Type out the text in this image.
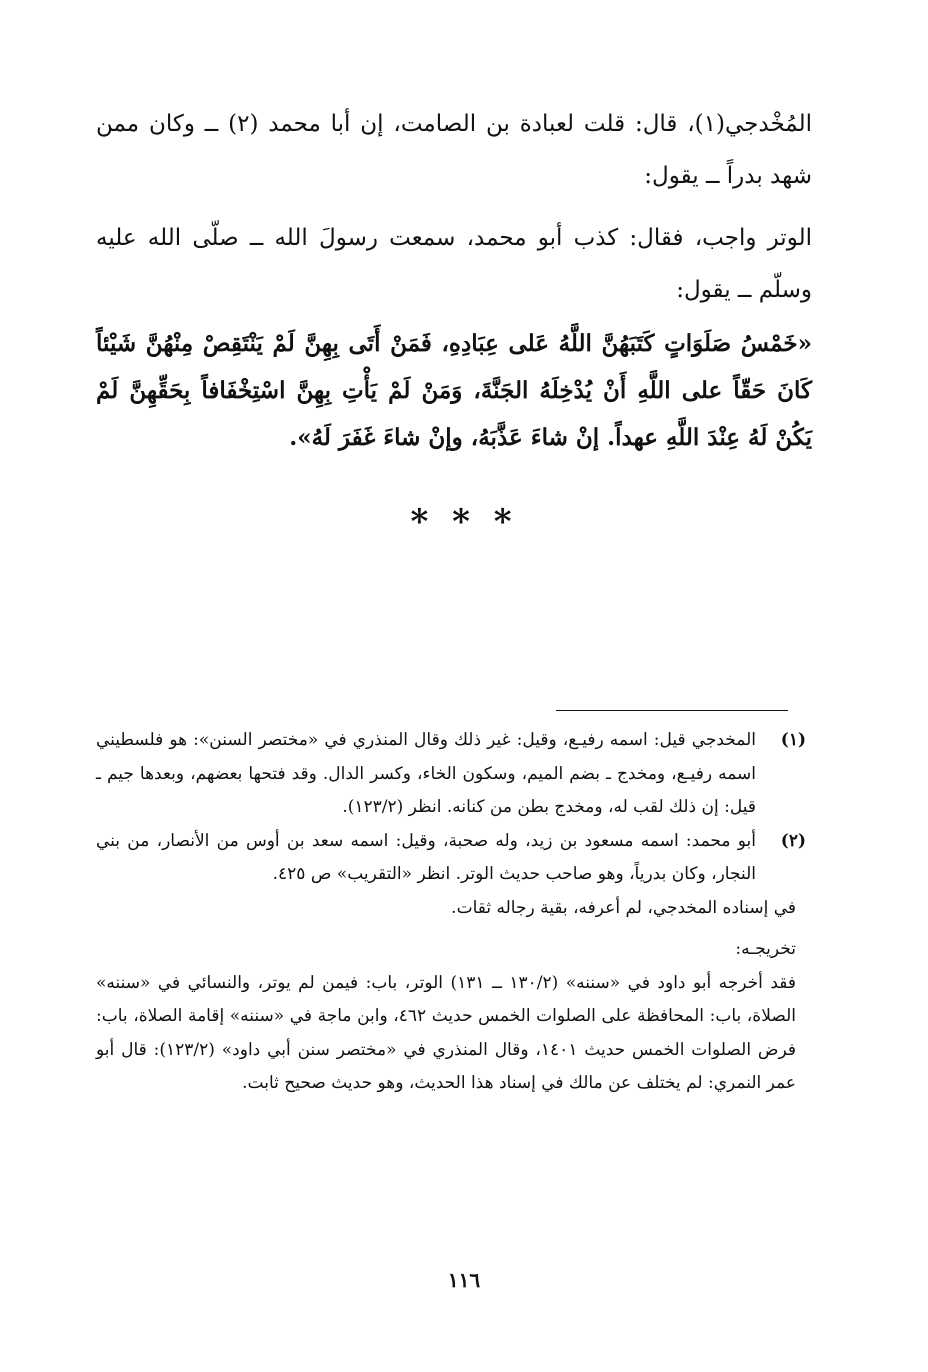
المُخْدجي(١)، قال: قلت لعبادة بن الصامت، إن أبا محمد (٢) ــ وكان ممن شهد بدراً ــ يقول:
الوتر واجب، فقال: كذب أبو محمد، سمعت رسولَ الله ــ صلّى الله عليه وسلّم ــ يقول:
«خَمْسُ صَلَوَاتٍ كَتَبَهُنَّ اللَّهُ عَلى عِبَادِهِ، فَمَنْ أَتَى بِهِنَّ لَمْ يَنْتَقِصْ مِنْهُنَّ شَيْئاً كَانَ حَقّاً على اللَّهِ أَنْ يُدْخِلَهُ الجَنَّةَ، وَمَنْ لَمْ يَأْتِ بِهِنَّ اسْتِخْفَافاً بِحَقِّهِنَّ لَمْ يَكُنْ لَهُ عِنْدَ اللَّهِ عهداً. إنْ شاءَ عَذَّبَهُ، وإنْ شاءَ غَفَرَ لَهُ».
* * *
(١)
المخدجي قيل: اسمه رفيـع، وقيل: غير ذلك وقال المنذري في «مختصر السنن»: هو فلسطيني اسمه رفيـع، ومخدج ـ بضم الميم، وسكون الخاء، وكسر الدال. وقد فتحها بعضهم، وبعدها جيم ـ قيل: إن ذلك لقب له، ومخدج بطن من كنانه. انظر (١٢٣/٢).
(٢)
أبو محمد: اسمه مسعود بن زيد، وله صحبة، وقيل: اسمه سعد بن أوس من الأنصار، من بني النجار، وكان بدرياً، وهو صاحب حديث الوتر. انظر «التقريب» ص ٤٢٥.
في إسناده المخدجي، لم أعرفه، بقية رجاله ثقات.
تخريجـه:
فقد أخرجه أبو داود في «سننه» (١٣٠/٢ ــ ١٣١) الوتر، باب: فيمن لم يوتر، والنسائي في «سننه» الصلاة، باب: المحافظة على الصلوات الخمس حديث ٤٦٢، وابن ماجة في «سننه» إقامة الصلاة، باب: فرض الصلوات الخمس حديث ١٤٠١، وقال المنذري في «مختصر سنن أبي داود» (١٢٣/٢): قال أبو عمر النمري: لم يختلف عن مالك في إسناد هذا الحديث، وهو حديث صحيح ثابت.
١١٦
